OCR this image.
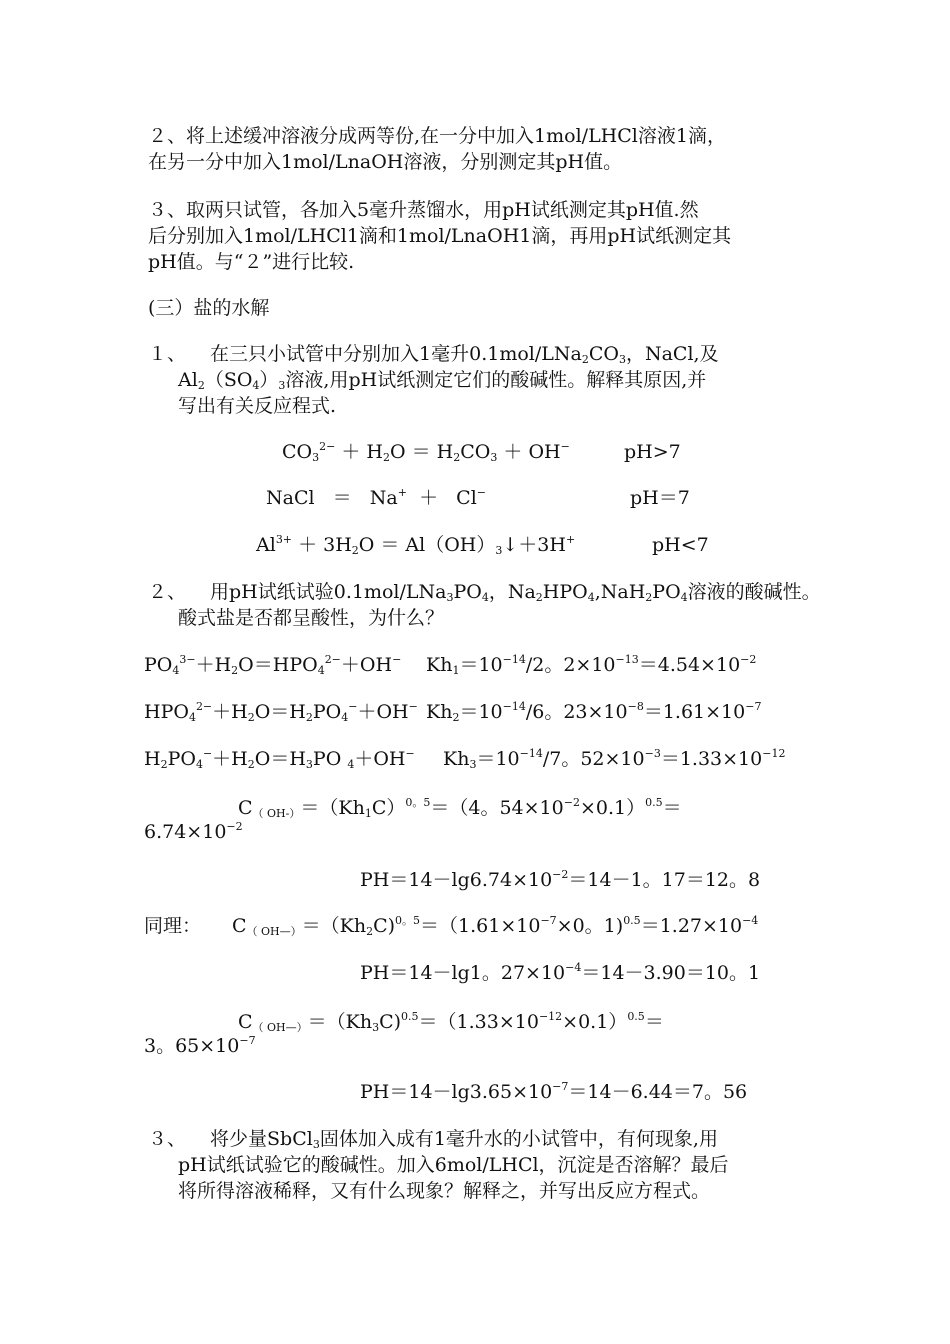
２、将上述缓冲溶液分成两等份,在一分中加入1mol/LHCl溶液1滴，
在另一分中加入1mol/LnaOH溶液，分别测定其pH值。
３、取两只试管，各加入5毫升蒸馏水，用pH试纸测定其pH值.然
后分别加入1mol/LHCl1滴和1mol/LnaOH1滴，再用pH试纸测定其
pH值。与“２”进行比较.
(三）盐的水解
１、 在三只小试管中分别加入1毫升$0.1mol/LNa_2CO_3$，NaCl,及
$Al_2(SO_4)_3$溶液,用pH试纸测定它们的酸碱性。解释其原因,并
写出有关反应程式.
$CO_3^{2-} + H_2O = H_2CO_3 + OH^-$	pH>7
NaCl   ＝   Na+  ＋   Cl−	pH＝7
$Al^{3+} + 3H_2O$ ＝ $Al(OH)_3↓+3H^+$	pH<7
２、 用pH试纸试验$0.1mol/LNa_3PO_4$，$Na_2HPO_4,NaH_2PO_4$溶液的酸碱性。
酸式盐是否都呈酸性，为什么？
$PO_4^{3-}+H_2O=HPO_4^{2-}+OH^-$ $Kh_1=10^{-14}/2$。$2\times 10^{-13}=4.54\times 10^{-2}$
$HPO_4^{2-}+H_2O=H_2PO_4^-+OH^-$ $Kh_2=10^{-14}/6$。$23\times 10^{-8}=1.61\times 10^{-7}$
$H_2PO_4^-+H_2O=H_3PO$ $_4$＋OH− $Kh_3=10^{-14}/7$。$52\times 10^{-3}=1.33\times 10^{-12}$
$C_{( OH-)}=(Kh_1C)^{0。5}=(4$。$54\times 10^{-2}\times 0.1)^{0.5}=$
$6.74\times 10^{-2}$
$PH=14-\lg 6.74\times 10^{-2}=14-1$。17＝12。8
同理： $C_{( OH—)}=(Kh_2C)^{0。5}=(1.61\times 10^{-7}\times 0$。$1)^{0.5}=1.27\times 10^{-4}$
PH＝14－lg1。$27\times 10^{-4}=14-3.90=10$。1
$C_{( OH—)}=(Kh_3C)^{0.5}=(1.33\times 10^{-12}\times 0.1)^{0.5}=$
3。$65\times 10^{-7}$
$PH=14-\lg 3.65\times 10^{-7}=14-6.44=7$。56
３、 将少量SbCl$_3$固体加入成有1毫升水的小试管中，有何现象,用
pH试纸试验它的酸碱性。加入6mol/LHCl，沉淀是否溶解？最后
将所得溶液稀释，又有什么现象？解释之，并写出反应方程式。
